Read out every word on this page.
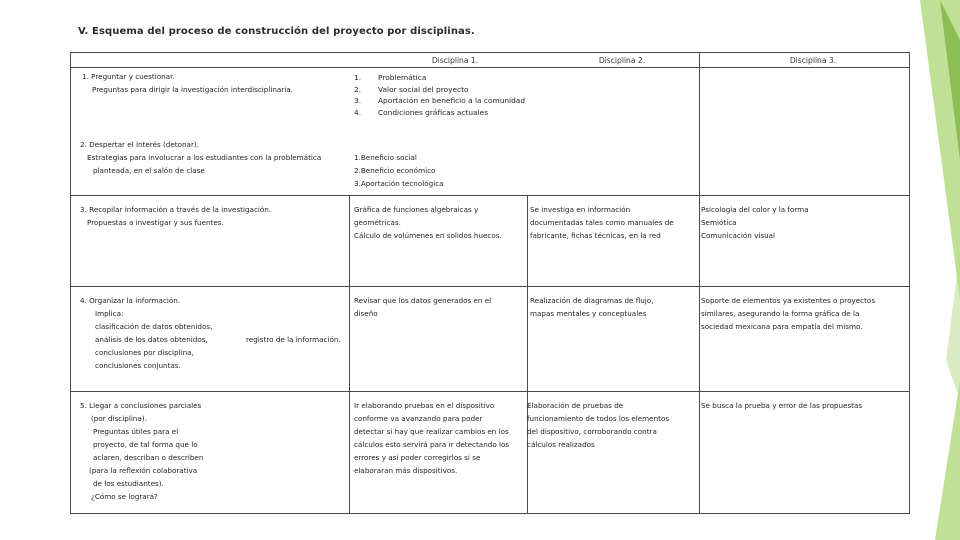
V. Esquema del proceso de construcción del proyecto por disciplinas.
Disciplina 1.	Disciplina 2.	Disciplina 3.
1. Preguntar y cuestionar.
Preguntas para dirigir la investigación interdisciplinaria.
1. Problemática
2. Valor social del proyecto
3. Aportación en beneficio a la comunidad
4. Condiciones gráficas actuales
2. Despertar el interés (detonar).
Estrategias para involucrar a los estudiantes con la problemática
planteada, en el salón de clase
1.Beneficio social
2.Beneficio económico
3.Aportación tecnológica
3. Recopilar información a través de la investigación.
Propuestas a investigar y sus fuentes.
Gráfica de funciones algebraicas y
geométricas.
Cálculo de volúmenes en solidos huecos.
Se investiga en información
documentadas tales como manuales de
fabricante, fichas técnicas, en la red
Psicología del color y la forma
Semiótica
Comunicación visual
4. Organizar la información.
Implica:
clasificación de datos obtenidos,
análisis de los datos obtenidos,
conclusiones por disciplina,
conclusiones conjuntas.
registro de la información.
Revisar que los datos generados en el
diseño
Realización de diagramas de flujo,
mapas mentales y conceptuales
Soporte de elementos ya existentes o proyectos
similares, asegurando la forma gráfica de la
sociedad mexicana para empatía del mismo.
5. Llegar a conclusiones parciales
(por disciplina).
Preguntas útiles para el
proyecto, de tal forma que lo
aclaren, describan o describen
(para la reflexión colaborativa
de los estudiantes).
¿Cómo se logrará?
Ir elaborando pruebas en el dispositivo
conforme va avanzando para poder
detectar si hay que realizar cambios en los
cálculos esto servirá para ir detectando los
errores y así poder corregirlos si se
elaboraran más dispositivos.
Elaboración de pruebas de
funcionamiento de todos los elementos
del dispositivo, corroborando contra
cálculos realizados
Se busca la prueba y error de las propuestas
